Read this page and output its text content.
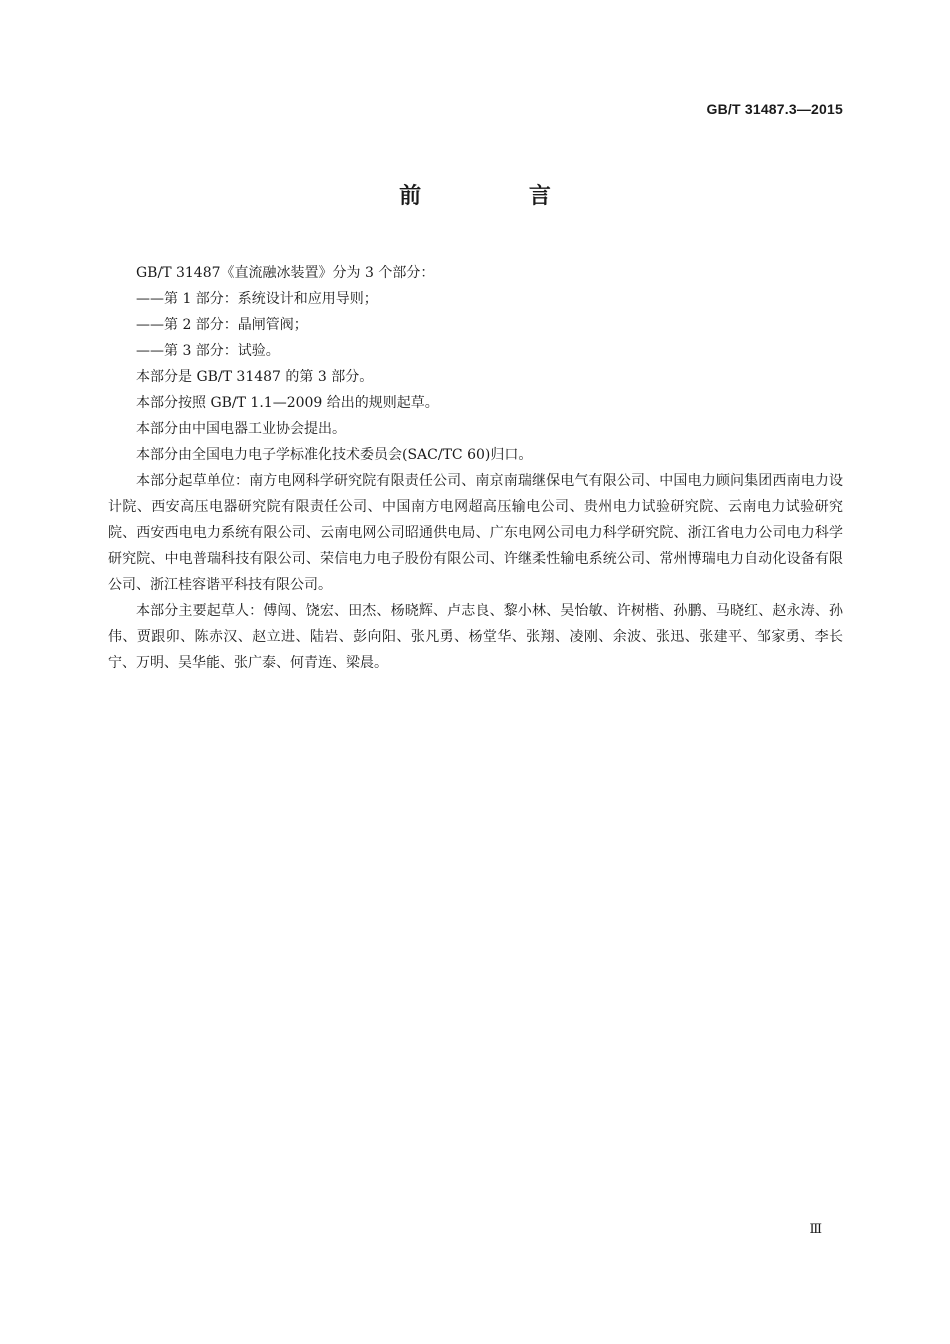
GB/T 31487.3—2015
前 言

GB/T 31487《直流融冰装置》分为 3 个部分：

——第 1 部分：系统设计和应用导则；

——第 2 部分：晶闸管阀；

——第 3 部分：试验。

本部分是 GB/T 31487 的第 3 部分。

本部分按照 GB/T 1.1—2009 给出的规则起草。

本部分由中国电器工业协会提出。

本部分由全国电力电子学标准化技术委员会(SAC/TC 60)归口。

本部分起草单位：南方电网科学研究院有限责任公司、南京南瑞继保电气有限公司、中国电力顾问集团西南电力设计院、西安高压电器研究院有限责任公司、中国南方电网超高压输电公司、贵州电力试验研究院、云南电力试验研究院、西安西电电力系统有限公司、云南电网公司昭通供电局、广东电网公司电力科学研究院、浙江省电力公司电力科学研究院、中电普瑞科技有限公司、荣信电力电子股份有限公司、许继柔性输电系统公司、常州博瑞电力自动化设备有限公司、浙江桂容谐平科技有限公司。

本部分主要起草人：傅闯、饶宏、田杰、杨晓辉、卢志良、黎小林、吴怡敏、许树楷、孙鹏、马晓红、赵永涛、孙伟、贾跟卯、陈赤汉、赵立进、陆岩、彭向阳、张凡勇、杨堂华、张翔、凌刚、余波、张迅、张建平、邹家勇、李长宁、万明、吴华能、张广泰、何青连、梁晨。

Ⅲ
